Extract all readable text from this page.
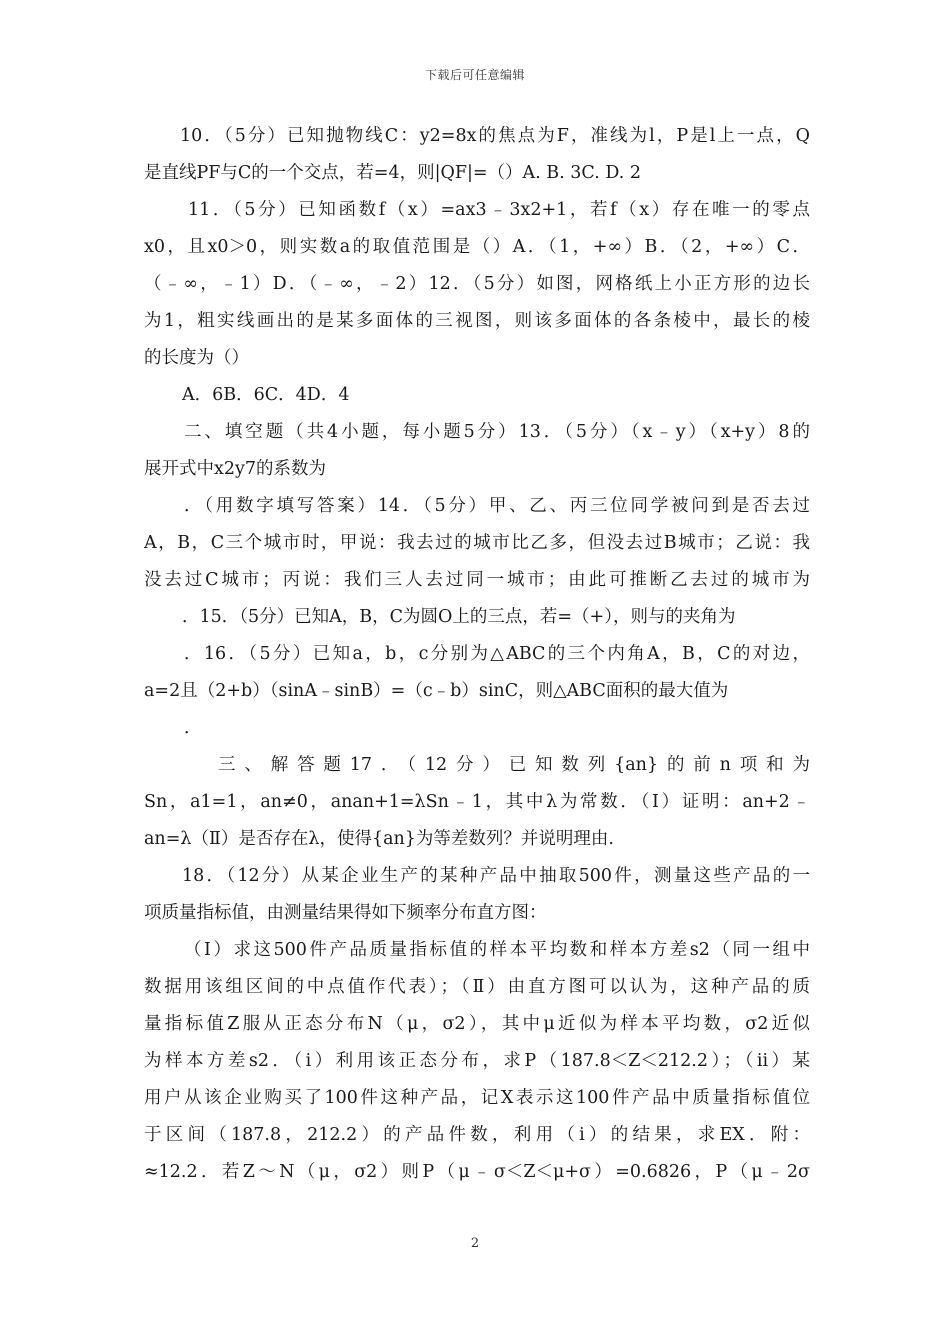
下载后可任意编辑
10．（5分）已知抛物线C：y2=8x的焦点为F，准线为l，P是l上一点，Q
是直线PF与C的一个交点，若=4，则|QF|=（）A. B. 3C. D. 2
11．（5分）已知函数f（x）=ax3﹣3x2+1，若f（x）存在唯一的零点
x0，且x0＞0，则实数a的取值范围是（）A．（1，+∞）B．（2，+∞）C．
（﹣∞，﹣1）D．（﹣∞，﹣2）12．（5分）如图，网格纸上小正方形的边长
为1，粗实线画出的是某多面体的三视图，则该多面体的各条棱中，最长的棱
的长度为（）
A．6B．6C．4D．4
二、填空题（共4小题，每小题5分）13．（5分）（x﹣y）（x+y）8的
展开式中x2y7的系数为
．（用数字填写答案）14．（5分）甲、乙、丙三位同学被问到是否去过
A，B，C三个城市时，甲说：我去过的城市比乙多，但没去过B城市；乙说：我
没去过C城市；丙说：我们三人去过同一城市；由此可推断乙去过的城市为
．15．（5分）已知A，B，C为圆O上的三点，若=（+），则与的夹角为
．16．（5分）已知a，b，c分别为△ABC的三个内角A，B，C的对边，
a=2且（2+b）（sinA﹣sinB）=（c﹣b）sinC，则△ABC面积的最大值为
．
三、解答题17．（12分）已知数列{an}的前n项和为
Sn，a1=1，an≠0，anan+1=λSn﹣1，其中λ为常数．（Ⅰ）证明：an+2﹣
an=λ（Ⅱ）是否存在λ，使得{an}为等差数列？并说明理由.
18．（12分）从某企业生产的某种产品中抽取500件，测量这些产品的一
项质量指标值，由测量结果得如下频率分布直方图：
（Ⅰ）求这500件产品质量指标值的样本平均数和样本方差s2（同一组中
数据用该组区间的中点值作代表）；（Ⅱ）由直方图可以认为，这种产品的质
量指标值Z服从正态分布N（μ，σ2），其中μ近似为样本平均数，σ2近似
为样本方差s2．（i）利用该正态分布，求P（187.8＜Z＜212.2）；（ii）某
用户从该企业购买了100件这种产品，记X表示这100件产品中质量指标值位
于区间（187.8，212.2）的产品件数，利用（i）的结果，求EX．附：
≈12.2．若Z～N（μ，σ2）则P（μ﹣σ＜Z＜μ+σ）=0.6826，P（μ﹣2σ
2
